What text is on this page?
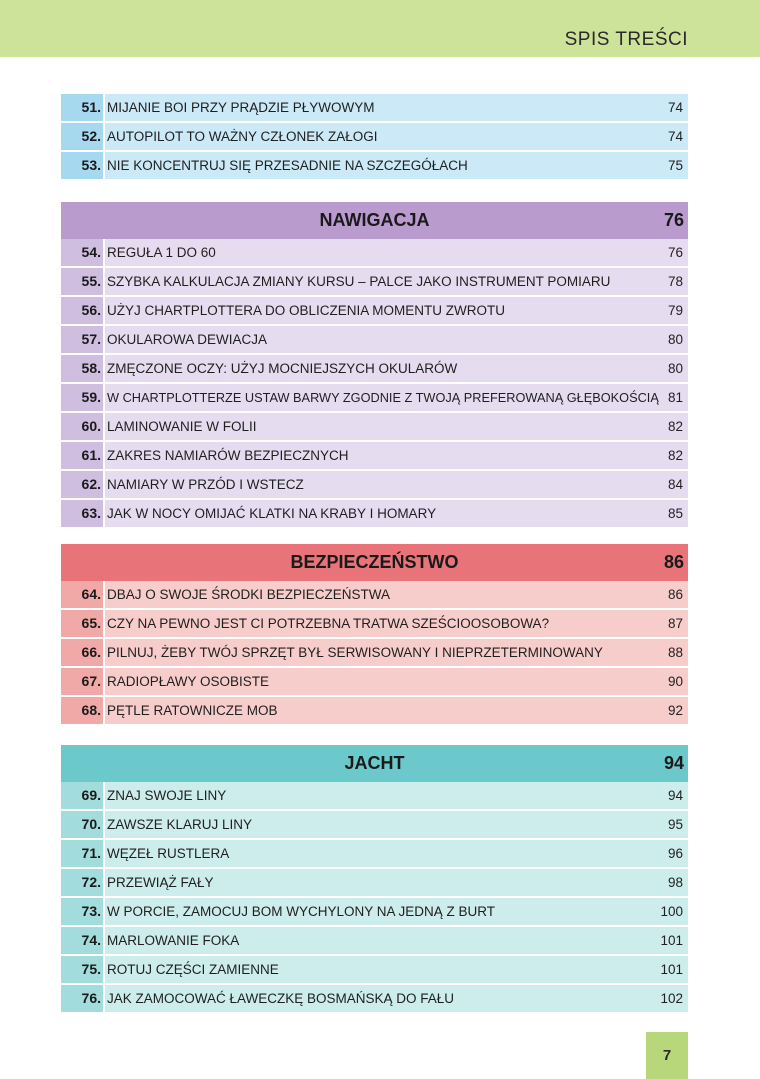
SPIS TREŚCI
51. MIJANIE BOI PRZY PRĄDZIE PŁYWOWYM	74
52. AUTOPILOT TO WAŻNY CZŁONEK ZAŁOGI	74
53. NIE KONCENTRUJ SIĘ PRZESADNIE NA SZCZEGÓŁACH	75
NAWIGACJA	76
54. REGUŁA 1 DO 60	76
55. SZYBKA KALKULACJA ZMIANY KURSU – PALCE JAKO INSTRUMENT POMIARU	78
56. UŻYJ CHARTPLOTTERA DO OBLICZENIA MOMENTU ZWROTU	79
57. OKULAROWA DEWIACJA	80
58. ZMĘCZONE OCZY: UŻYJ MOCNIEJSZYCH OKULARÓW	80
59. W CHARTPLOTTERZE USTAW BARWY ZGODNIE Z TWOJĄ PREFEROWANĄ GŁĘBOKOŚCIĄ 81
60. LAMINOWANIE W FOLII	82
61. ZAKRES NAMIARÓW BEZPIECZNYCH	82
62. NAMIARY W PRZÓD I WSTECZ	84
63. JAK W NOCY OMIJAĆ KLATKI NA KRABY I HOMARY	85
BEZPIECZEŃSTWO	86
64. DBAJ O SWOJE ŚRODKI BEZPIECZEŃSTWA	86
65. CZY NA PEWNO JEST CI POTRZEBNA TRATWA SZEŚCIOOSOBOWA?	87
66. PILNUJ, ŻEBY TWÓJ SPRZĘT BYŁ SERWISOWANY I NIEPRZETERMINOWANY	88
67. RADIOPŁAWY OSOBISTE	90
68. PĘTLE RATOWNICZE MOB	92
JACHT	94
69. ZNAJ SWOJE LINY	94
70. ZAWSZE KLARUJ LINY	95
71. WĘZEŁ RUSTLERA	96
72. PRZEWIĄŻ FAŁY	98
73. W PORCIE, ZAMOCUJ BOM WYCHYLONY NA JEDNĄ Z BURT	100
74. MARLOWANIE FOKA	101
75. ROTUJ CZĘŚCI ZAMIENNE	101
76. JAK ZAMOCOWAĆ ŁAWECZKĘ BOSMAŃSKĄ DO FAŁU	102
7
